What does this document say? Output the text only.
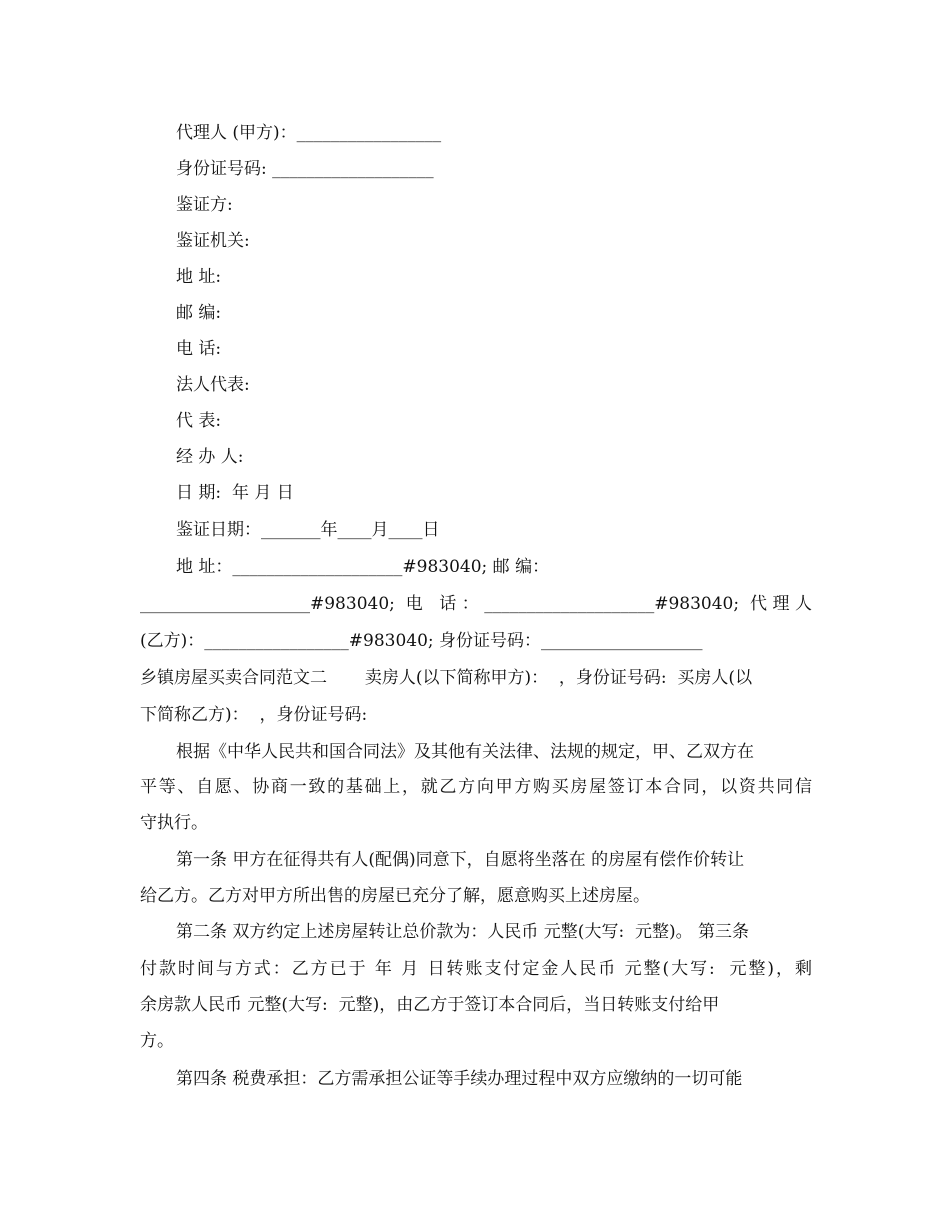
代理人 (甲方)：_________________
身份证号码: ___________________
鉴证方:
鉴证机关:
地 址:
邮 编:
电 话:
法人代表:
代 表:
经 办 人:
日 期:  年 月 日
鉴证日期：_______年____月____日
地 址：____________________#983040; 邮 编：
____________________#983040; 电 话：____________________#983040; 代理人
(乙方)：_________________#983040; 身份证号码：___________________
乡镇房屋买卖合同范文二       卖房人(以下简称甲方)：  ，身份证号码:  买房人(以
下简称乙方)：  ，身份证号码:
根据《中华人民共和国合同法》及其他有关法律、法规的规定，甲、乙双方在
平等、自愿、协商一致的基础上，就乙方向甲方购买房屋签订本合同，以资共同信
守执行。
第一条 甲方在征得共有人(配偶)同意下，自愿将坐落在 的房屋有偿作价转让
给乙方。乙方对甲方所出售的房屋已充分了解，愿意购买上述房屋。
第二条 双方约定上述房屋转让总价款为：人民币 元整(大写:  元整)。 第三条
付款时间与方式：乙方已于 年 月 日转账支付定金人民币 元整(大写:  元整)，剩
余房款人民币 元整(大写:  元整)，由乙方于签订本合同后，当日转账支付给甲
方。
第四条 税费承担：乙方需承担公证等手续办理过程中双方应缴纳的一切可能
